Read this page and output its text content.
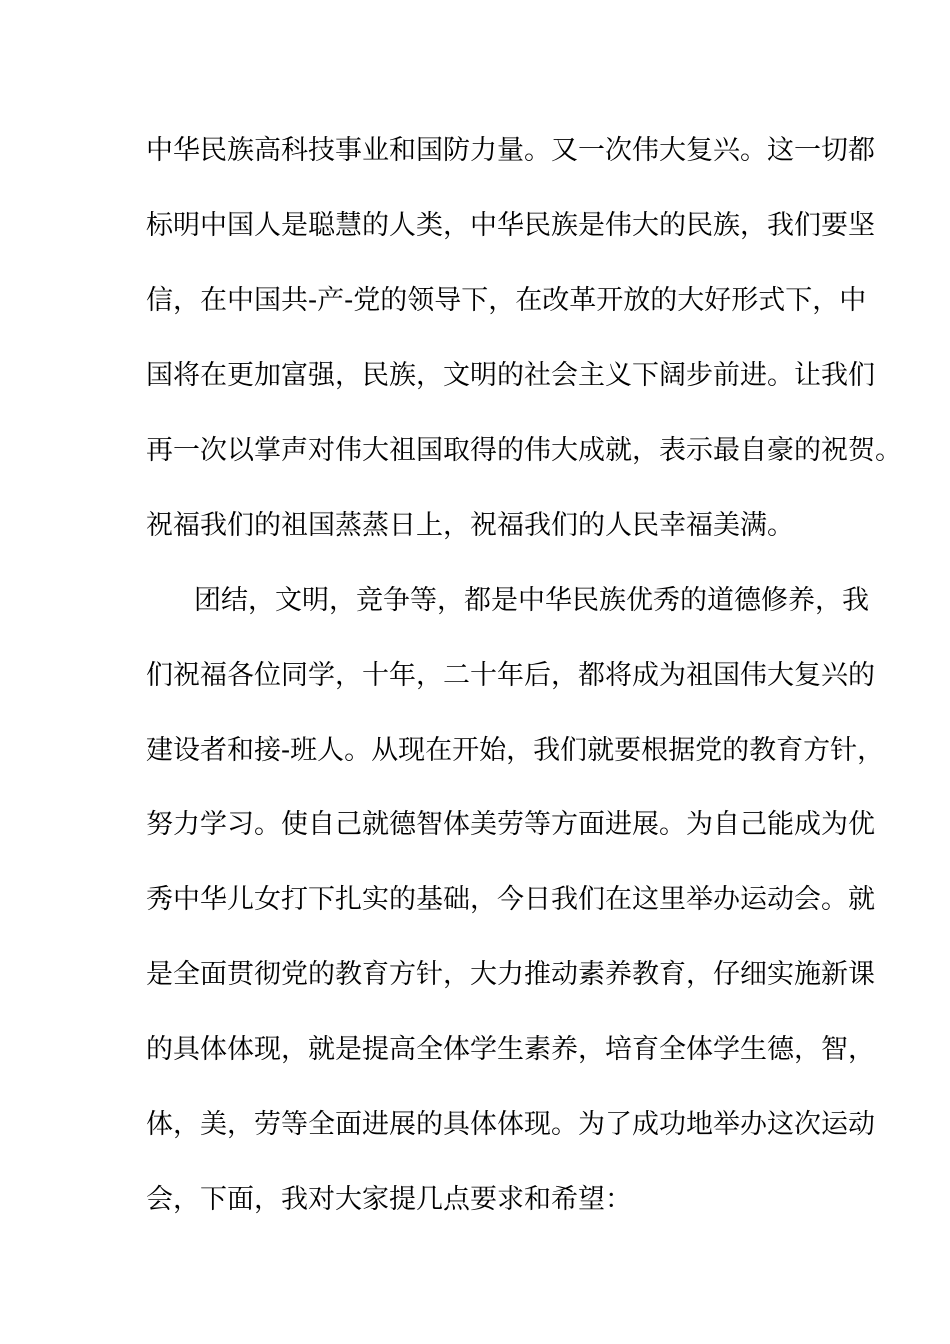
中华民族高科技事业和国防力量。又一次伟大复兴。这一切都
标明中国人是聪慧的人类，中华民族是伟大的民族，我们要坚
信，在中国共-产-党的领导下，在改革开放的大好形式下，中
国将在更加富强，民族，文明的社会主义下阔步前进。让我们
再一次以掌声对伟大祖国取得的伟大成就，表示最自豪的祝贺。
祝福我们的祖国蒸蒸日上，祝福我们的人民幸福美满。
团结，文明，竞争等，都是中华民族优秀的道德修养，我
们祝福各位同学，十年，二十年后，都将成为祖国伟大复兴的
建设者和接-班人。从现在开始，我们就要根据党的教育方针，
努力学习。使自己就德智体美劳等方面进展。为自己能成为优
秀中华儿女打下扎实的基础，今日我们在这里举办运动会。就
是全面贯彻党的教育方针，大力推动素养教育，仔细实施新课
的具体体现，就是提高全体学生素养，培育全体学生德，智，
体，美，劳等全面进展的具体体现。为了成功地举办这次运动
会，下面，我对大家提几点要求和希望：
